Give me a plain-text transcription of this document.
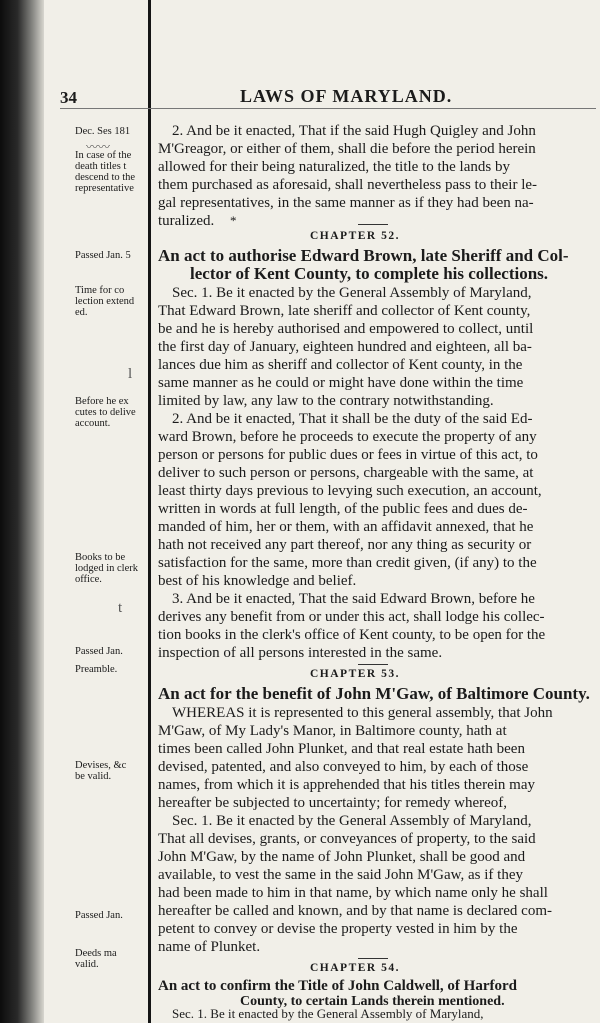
34	LAWS OF MARYLAND.
Dec. Ses 181
〰〰
In case of the
death titles t
descend to the
representative
Passed Jan. 5
Time for co
lection extend
ed.
Before he ex
cutes to delive
account.
Books to be
lodged in clerk
office.
Passed Jan.
Preamble.
Devises, &c
be valid.
Passed Jan.
Deeds ma
valid.
2. And be it enacted, That if the said Hugh Quigley and John
M'Greagor, or either of them, shall die before the period herein
allowed for their being naturalized, the title to the lands by
them purchased as aforesaid, shall nevertheless pass to their le-
gal representatives, in the same manner as if they had been na-
turalized. *
CHAPTER 52.
An act to authorise Edward Brown, late Sheriff and Col-
lector of Kent County, to complete his collections.
Sec. 1. Be it enacted by the General Assembly of Maryland,
That Edward Brown, late sheriff and collector of Kent county,
be and he is hereby authorised and empowered to collect, until
the first day of January, eighteen hundred and eighteen, all ba-
lances due him as sheriff and collector of Kent county, in the
same manner as he could or might have done within the time
limited by law, any law to the contrary notwithstanding.
l
2. And be it enacted, That it shall be the duty of the said Ed-
ward Brown, before he proceeds to execute the property of any
person or persons for public dues or fees in virtue of this act, to
deliver to such person or persons, chargeable with the same, at
least thirty days previous to levying such execution, an account,
written in words at full length, of the public fees and dues de-
manded of him, her or them, with an affidavit annexed, that he
hath not received any part thereof, nor any thing as security or
satisfaction for the same, more than credit given, (if any) to the
best of his knowledge and belief.
3. And be it enacted, That the said Edward Brown, before he
derives any benefit from or under this act, shall lodge his collec-
tion books in the clerk's office of Kent county, to be open for the
inspection of all persons interested in the same.
t
CHAPTER 53.
An act for the benefit of John M'Gaw, of Baltimore County.
WHEREAS it is represented to this general assembly, that John
M'Gaw, of My Lady's Manor, in Baltimore county, hath at
times been called John Plunket, and that real estate hath been
devised, patented, and also conveyed to him, by each of those
names, from which it is apprehended that his titles therein may
hereafter be subjected to uncertainty; for remedy whereof,
Sec. 1. Be it enacted by the General Assembly of Maryland,
That all devises, grants, or conveyances of property, to the said
John M'Gaw, by the name of John Plunket, shall be good and
available, to vest the same in the said John M'Gaw, as if they
had been made to him in that name, by which name only he shall
hereafter be called and known, and by that name is declared com-
petent to convey or devise the property vested in him by the
name of Plunket.
CHAPTER 54.
An act to confirm the Title of John Caldwell, of Harford
County, to certain Lands therein mentioned.
Sec. 1. Be it enacted by the General Assembly of Maryland,
